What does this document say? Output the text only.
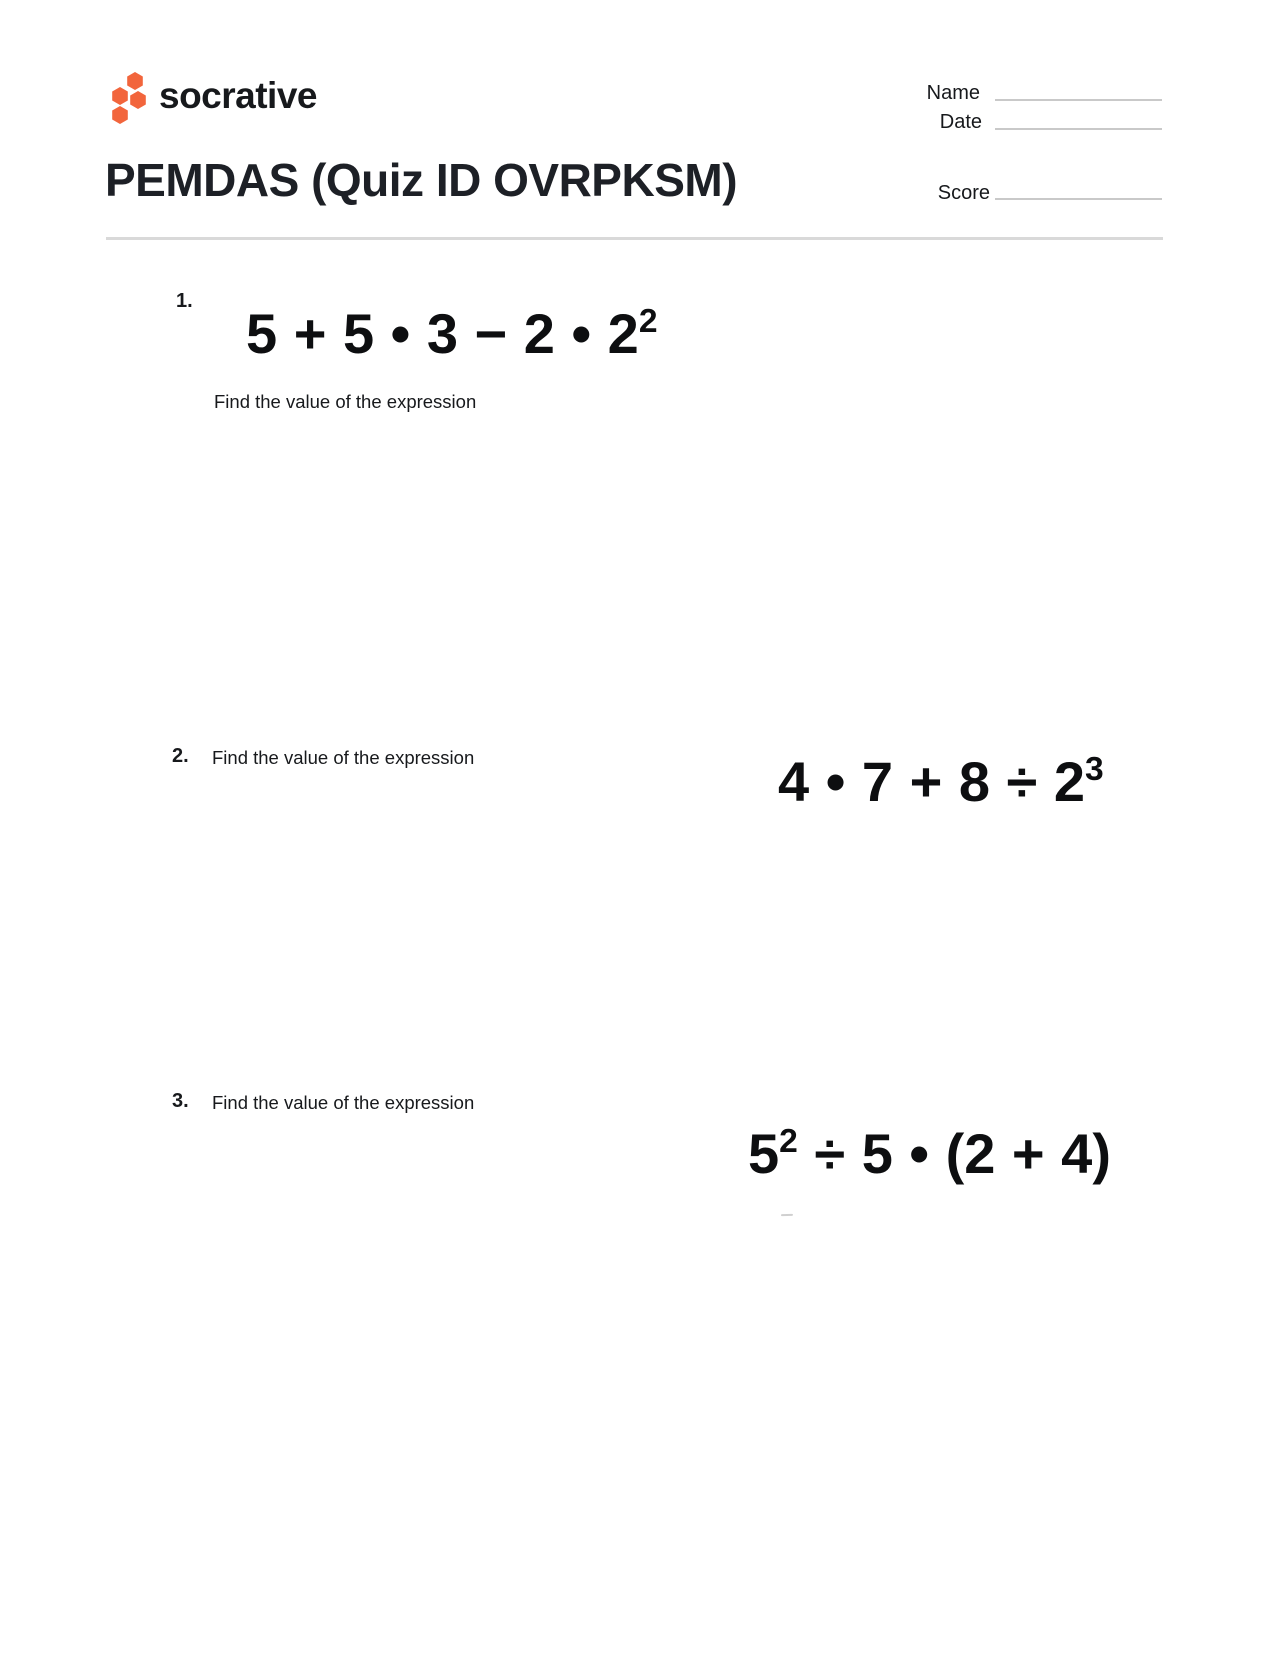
socrative	Name
Date
Score
PEMDAS (Quiz ID OVRPKSM)
1.
5 + 5 • 3 − 2 • $2^2$
Find the value of the expression
2. Find the value of the expression	4 • $7 + 8 \div 2^3$
3. Find the value of the expression
$5^2 \div 5$ • (2 + 4)
